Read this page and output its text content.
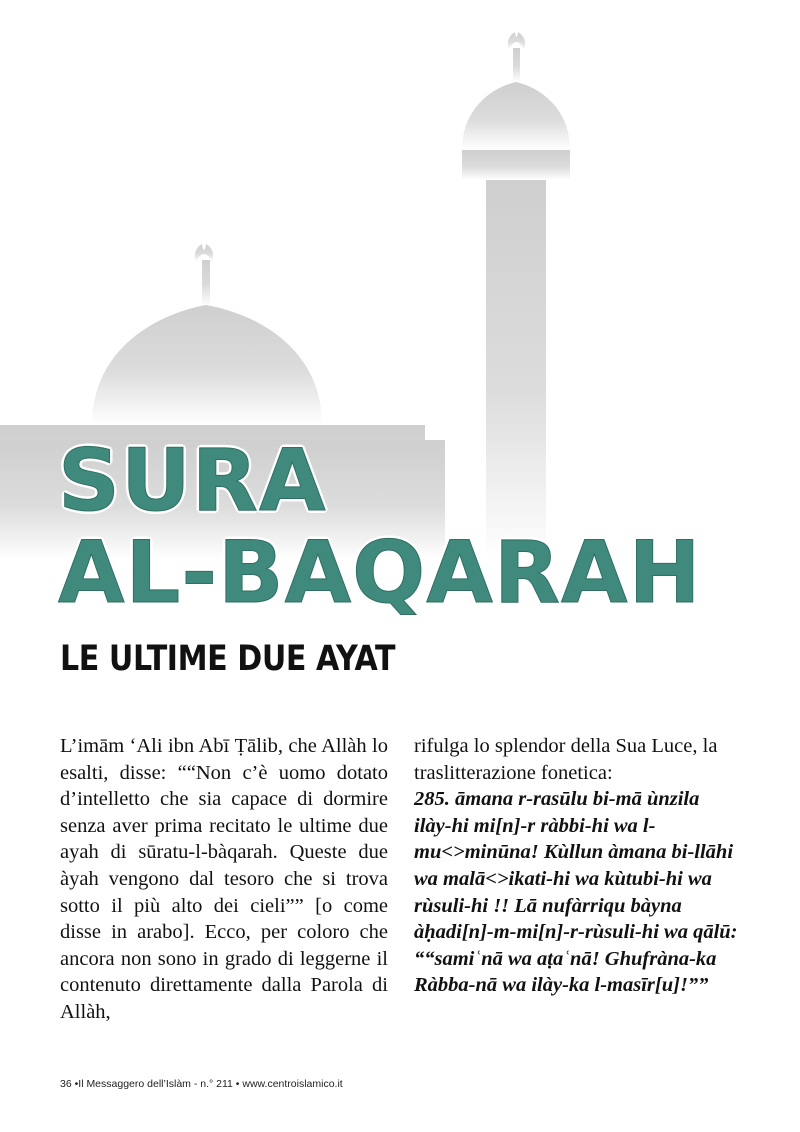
SURA
AL-BAQARAH
LE ULTIME DUE AYAT

L’imām ‘Ali ibn Abī Ṭālib, che Allàh lo esalti, disse: ““Non c’è uomo dotato d’intelletto che sia capace di dormire senza aver prima recitato le ultime due ayah di sūratu-l-bàqarah. Queste due àyah vengono dal tesoro che si trova sotto il più alto dei cieli”” [o come disse in arabo]. Ecco, per coloro che ancora non sono in grado di leggerne il contenuto direttamente dalla Parola di Allàh,

rifulga lo splendor della Sua Luce, la traslitterazione fonetica:

285. āmana r-rasūlu bi-mā ùnzila ilày-hi mi[n]-r ràbbi-hi wa l-mu<>minūna! Kùllun àmana bi-llāhi wa malā<>ikati-hi wa kùtubi-hi wa rùsuli-hi !! Lā nufàrriqu bàyna àḥadi[n]-m-mi[n]-r-rùsuli-hi wa qālū: ““samiʿnā wa aṭaʿnā! Ghufràna-ka Ràbba-nā wa ilày-ka l-masīr[u]!””

36 •Il Messaggero dell’Islàm - n.° 211 • www.centroislamico.it
